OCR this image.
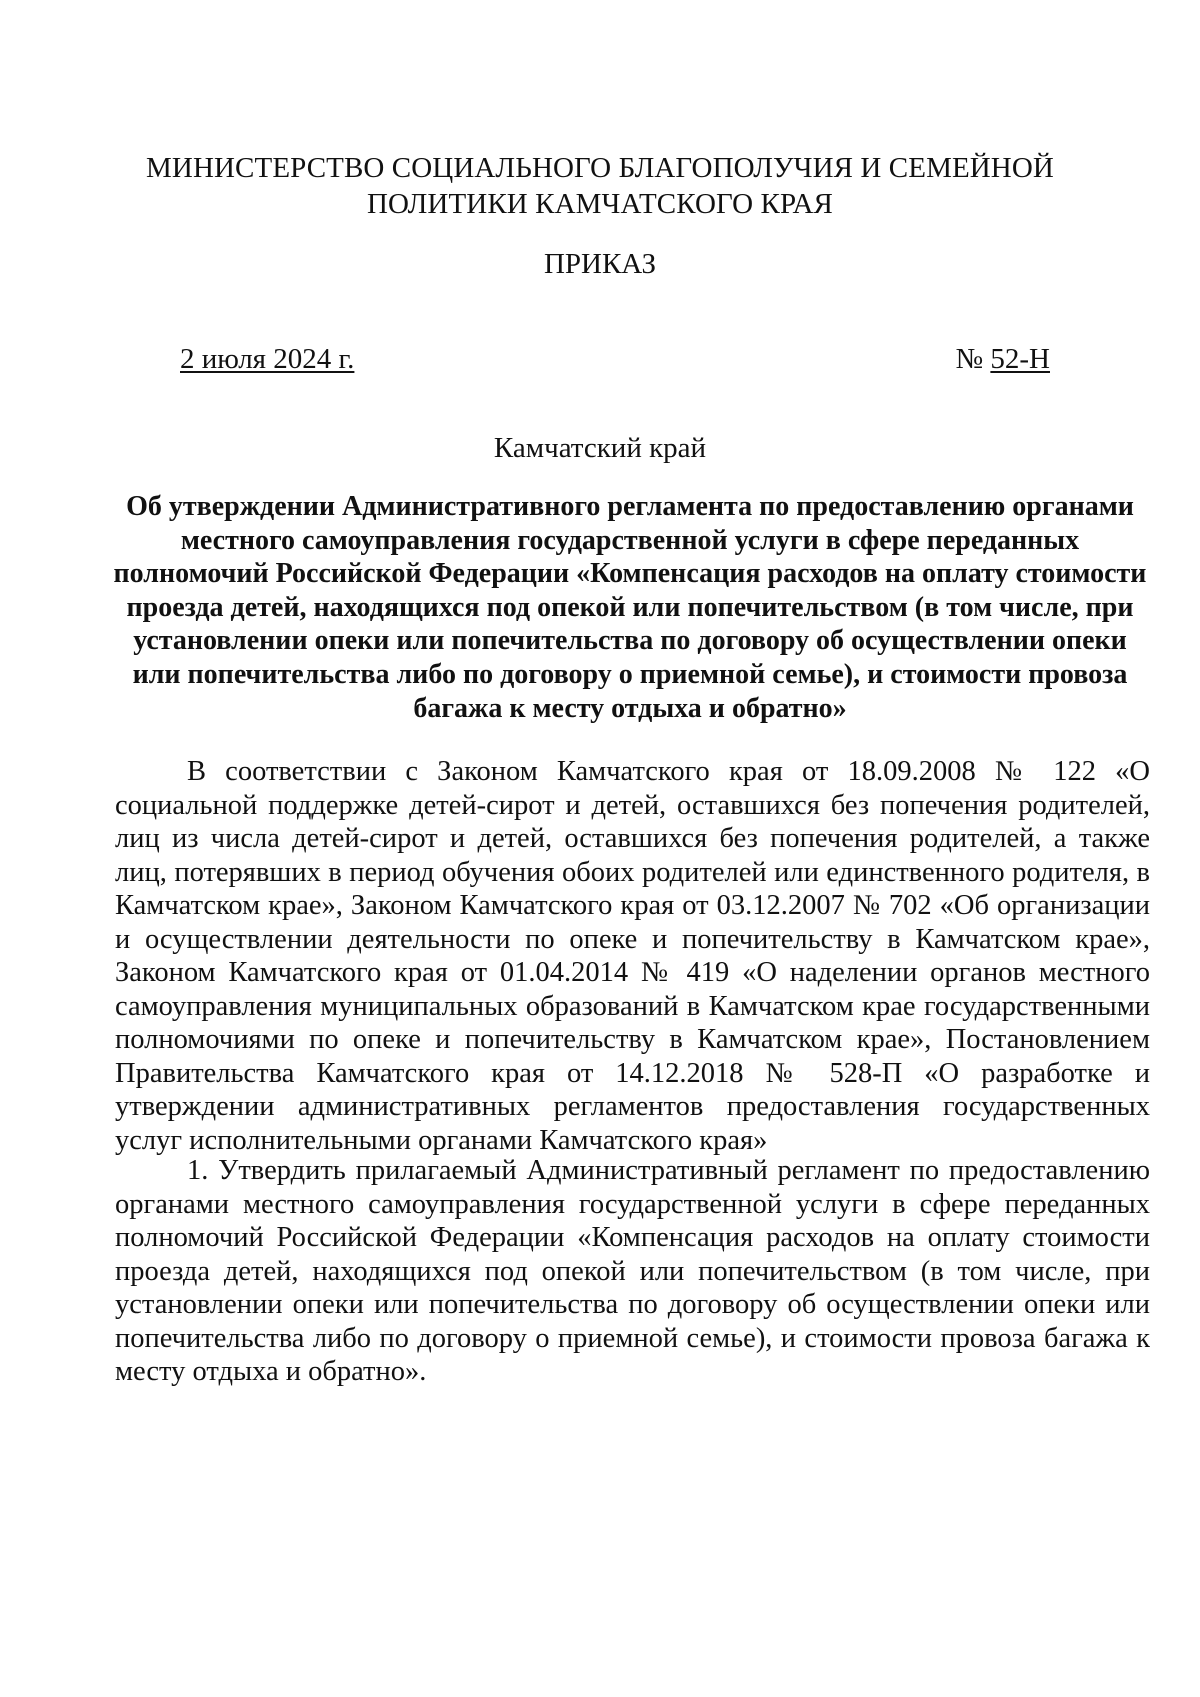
МИНИСТЕРСТВО СОЦИАЛЬНОГО БЛАГОПОЛУЧИЯ И СЕМЕЙНОЙ
ПОЛИТИКИ КАМЧАТСКОГО КРАЯ
ПРИКАЗ
2 июля 2024 г.	№ 52-Н
Камчатский край
Об утверждении Административного регламента по предоставлению органами местного самоуправления государственной услуги в сфере переданных полномочий Российской Федерации «Компенсация расходов на оплату стоимости проезда детей, находящихся под опекой или попечительством (в том числе, при установлении опеки или попечительства по договору об осуществлении опеки или попечительства либо по договору о приемной семье), и стоимости провоза багажа к месту отдыха и обратно»

В соответствии с Законом Камчатского края от 18.09.2008 № 122 «О социальной поддержке детей-сирот и детей, оставшихся без попечения родителей, лиц из числа детей-сирот и детей, оставшихся без попечения родителей, а также лиц, потерявших в период обучения обоих родителей или единственного родителя, в Камчатском крае», Законом Камчатского края от 03.12.2007 № 702 «Об организации и осуществлении деятельности по опеке и попечительству в Камчатском крае», Законом Камчатского края от 01.04.2014 № 419 «О наделении органов местного самоуправления муниципальных образований в Камчатском крае государственными полномочиями по опеке и попечительству в Камчатском крае», Постановлением Правительства Камчатского края от 14.12.2018 № 528-П «О разработке и утверждении административных регламентов предоставления государственных услуг исполнительными органами Камчатского края»

1. Утвердить прилагаемый Административный регламент по предоставлению органами местного самоуправления государственной услуги в сфере переданных полномочий Российской Федерации «Компенсация расходов на оплату стоимости проезда детей, находящихся под опекой или попечительством (в том числе, при установлении опеки или попечительства по договору об осуществлении опеки или попечительства либо по договору о приемной семье), и стоимости провоза багажа к месту отдыха и обратно».
